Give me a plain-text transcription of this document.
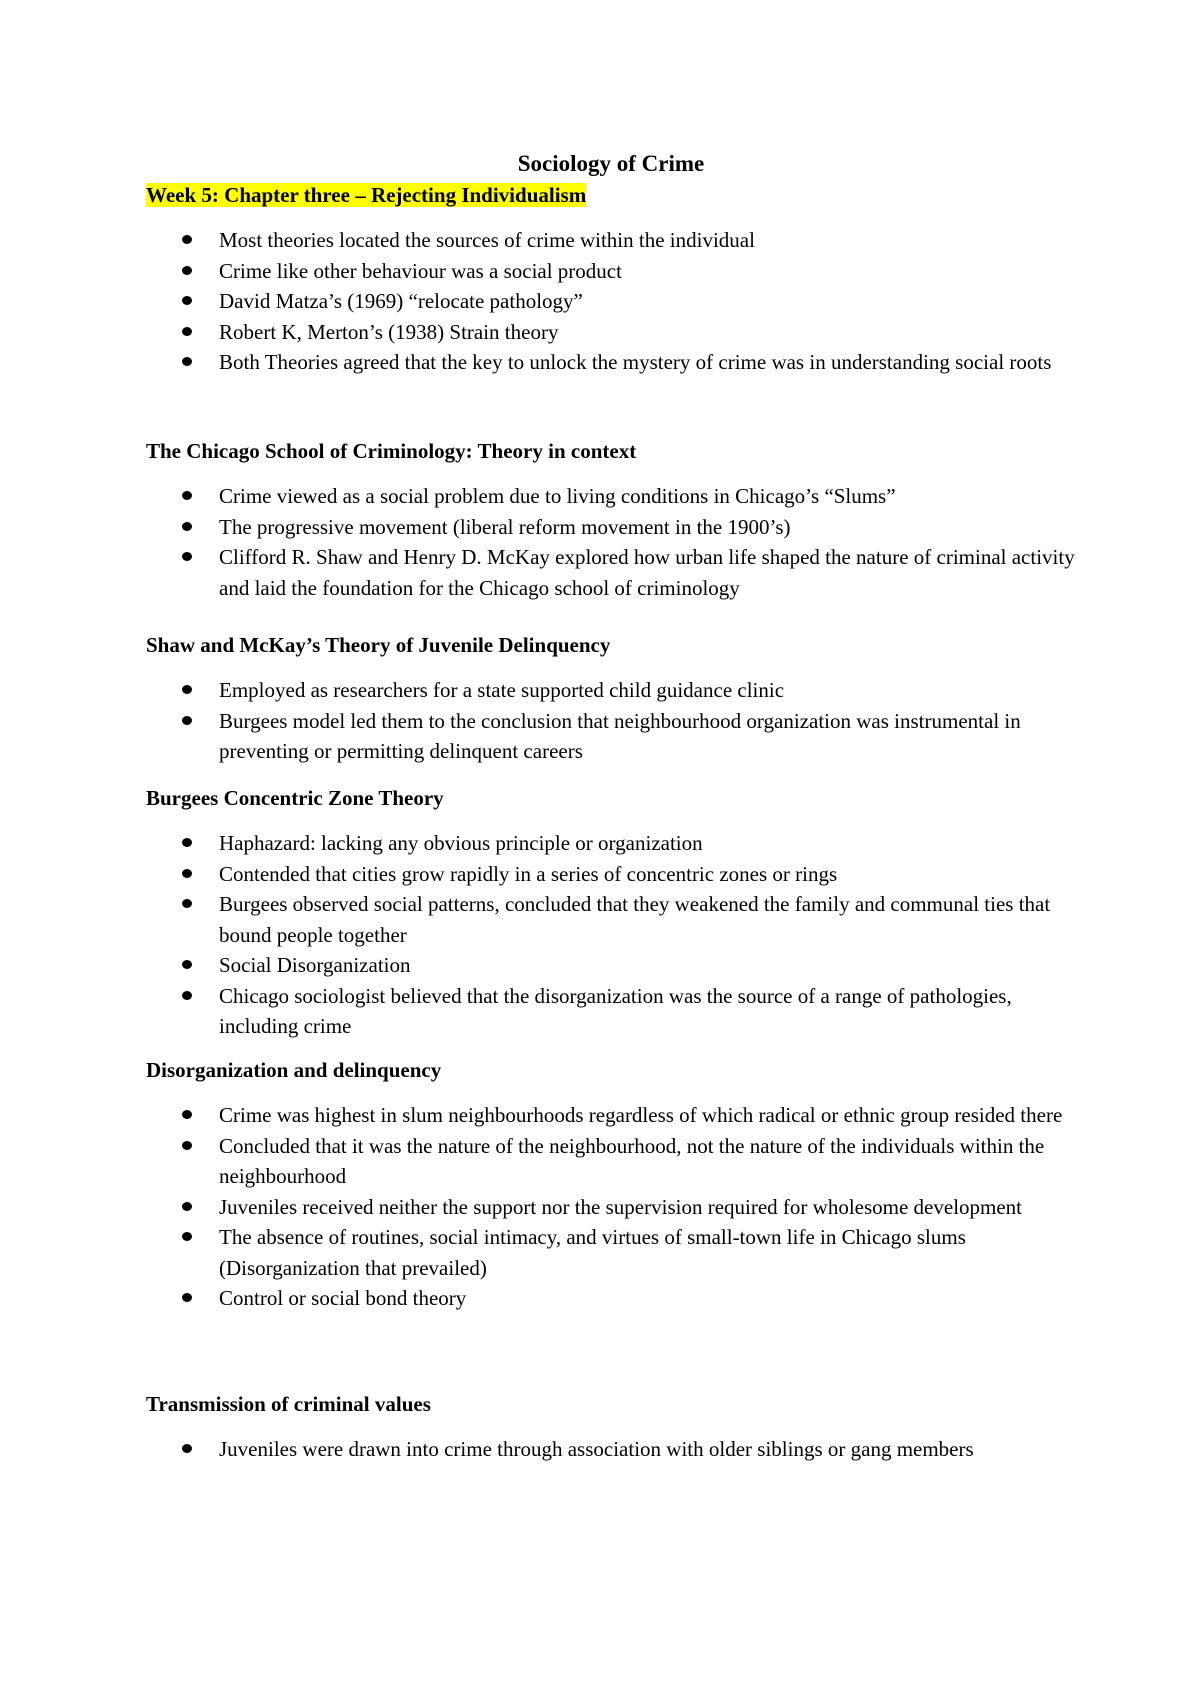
Sociology of Crime
Week 5: Chapter three – Rejecting Individualism
Most theories located the sources of crime within the individual
Crime like other behaviour was a social product
David Matza’s (1969) “relocate pathology”
Robert K, Merton’s (1938) Strain theory
Both Theories agreed that the key to unlock the mystery of crime was in understanding social roots
The Chicago School of Criminology: Theory in context
Crime viewed as a social problem due to living conditions in Chicago’s “Slums”
The progressive movement (liberal reform movement in the 1900’s)
Clifford R. Shaw and Henry D. McKay explored how urban life shaped the nature of criminal activity and laid the foundation for the Chicago school of criminology
Shaw and McKay’s Theory of Juvenile Delinquency
Employed as researchers for a state supported child guidance clinic
Burgees model led them to the conclusion that neighbourhood organization was instrumental in preventing or permitting delinquent careers
Burgees Concentric Zone Theory
Haphazard: lacking any obvious principle or organization
Contended that cities grow rapidly in a series of concentric zones or rings
Burgees observed social patterns, concluded that they weakened the family and communal ties that bound people together
Social Disorganization
Chicago sociologist believed that the disorganization was the source of a range of pathologies, including crime
Disorganization and delinquency
Crime was highest in slum neighbourhoods regardless of which radical or ethnic group resided there
Concluded that it was the nature of the neighbourhood, not the nature of the individuals within the neighbourhood
Juveniles received neither the support nor the supervision required for wholesome development
The absence of routines, social intimacy, and virtues of small-town life in Chicago slums (Disorganization that prevailed)
Control or social bond theory
Transmission of criminal values
Juveniles were drawn into crime through association with older siblings or gang members
